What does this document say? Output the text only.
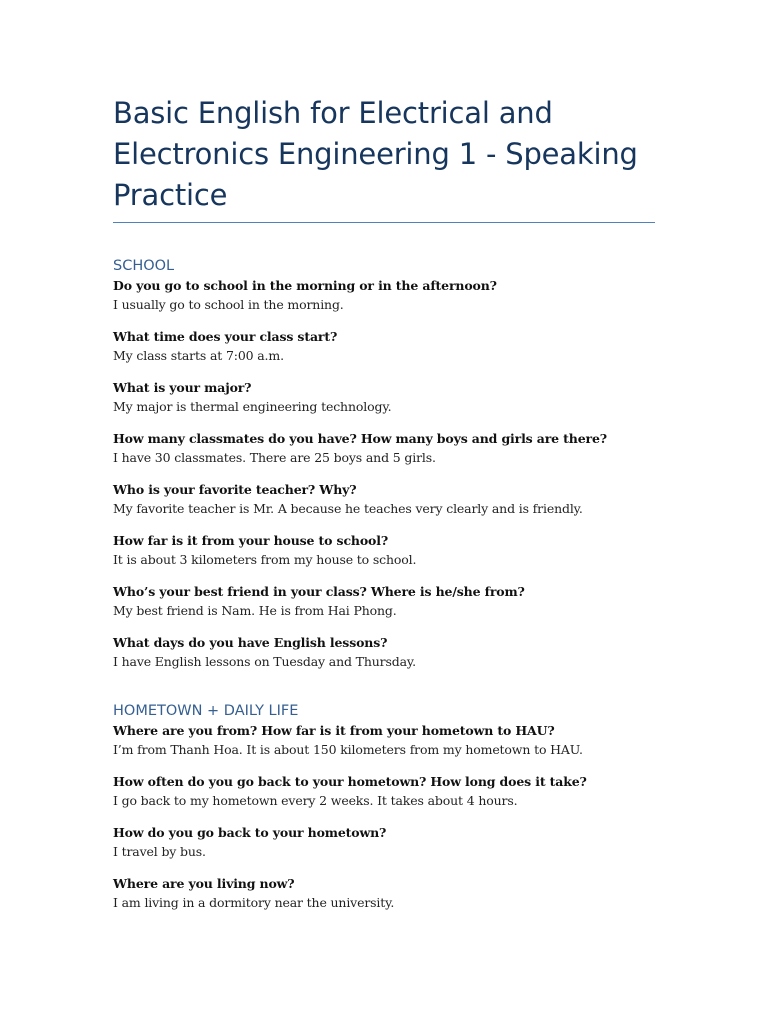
Basic English for Electrical and Electronics Engineering 1 - Speaking Practice
SCHOOL

Do you go to school in the morning or in the afternoon?

I usually go to school in the morning.

What time does your class start?

My class starts at 7:00 a.m.

What is your major?

My major is thermal engineering technology.

How many classmates do you have? How many boys and girls are there?

I have 30 classmates. There are 25 boys and 5 girls.

Who is your favorite teacher? Why?

My favorite teacher is Mr. A because he teaches very clearly and is friendly.

How far is it from your house to school?

It is about 3 kilometers from my house to school.

Who’s your best friend in your class? Where is he/she from?

My best friend is Nam. He is from Hai Phong.

What days do you have English lessons?

I have English lessons on Tuesday and Thursday.

HOMETOWN + DAILY LIFE

Where are you from? How far is it from your hometown to HAU?

I’m from Thanh Hoa. It is about 150 kilometers from my hometown to HAU.

How often do you go back to your hometown? How long does it take?

I go back to my hometown every 2 weeks. It takes about 4 hours.

How do you go back to your hometown?

I travel by bus.

Where are you living now?

I am living in a dormitory near the university.
